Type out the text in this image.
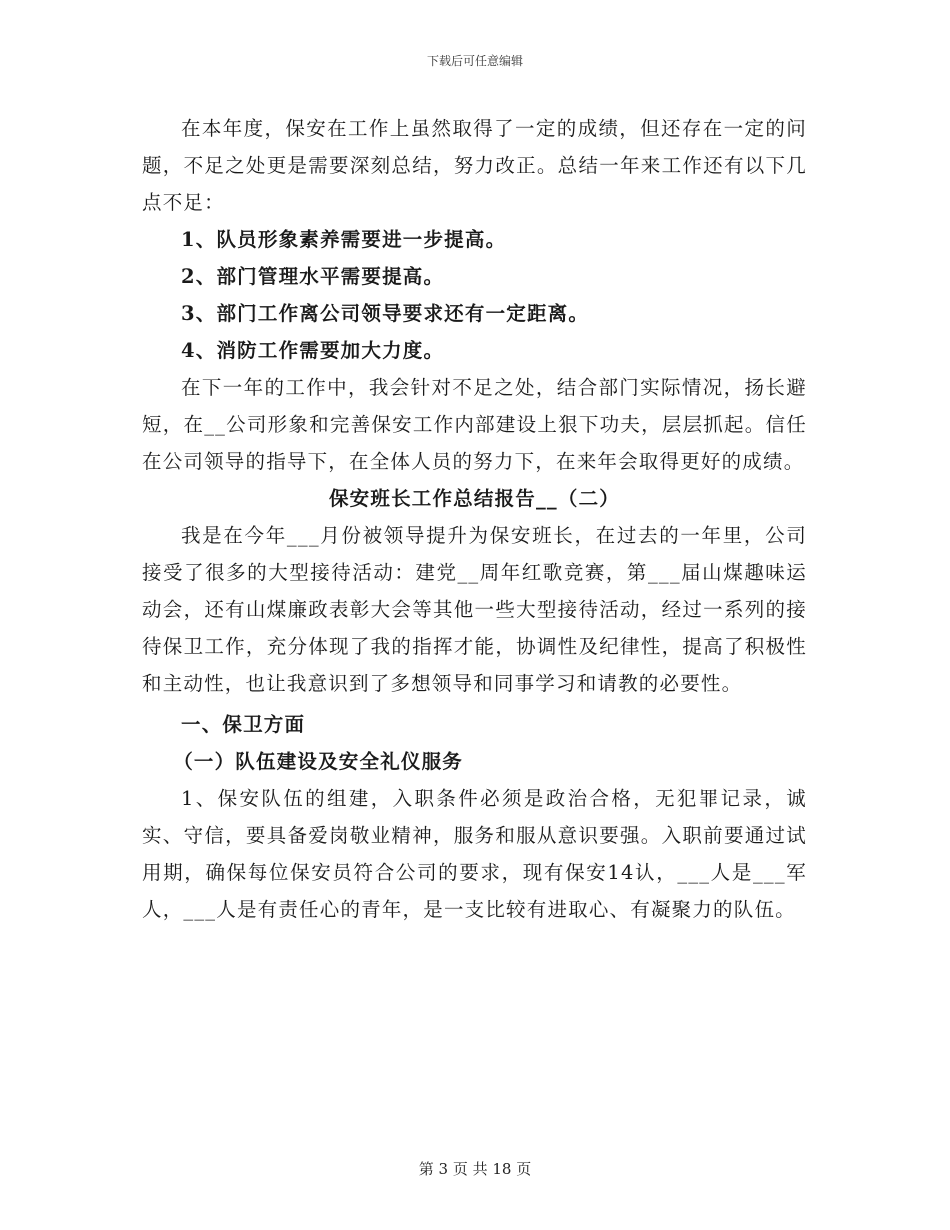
下载后可任意编辑

在本年度，保安在工作上虽然取得了一定的成绩，但还存在一定的问题，不足之处更是需要深刻总结，努力改正。总结一年来工作还有以下几点不足：

1、队员形象素养需要进一步提高。

2、部门管理水平需要提高。

3、部门工作离公司领导要求还有一定距离。

4、消防工作需要加大力度。

在下一年的工作中，我会针对不足之处，结合部门实际情况，扬长避短，在__公司形象和完善保安工作内部建设上狠下功夫，层层抓起。信任在公司领导的指导下，在全体人员的努力下，在来年会取得更好的成绩。

保安班长工作总结报告__（二）

我是在今年___月份被领导提升为保安班长，在过去的一年里，公司接受了很多的大型接待活动：建党__周年红歌竞赛，第___届山煤趣味运动会，还有山煤廉政表彰大会等其他一些大型接待活动，经过一系列的接待保卫工作，充分体现了我的指挥才能，协调性及纪律性，提高了积极性和主动性，也让我意识到了多想领导和同事学习和请教的必要性。

一、保卫方面

（一）队伍建设及安全礼仪服务

1、保安队伍的组建，入职条件必须是政治合格，无犯罪记录，诚实、守信，要具备爱岗敬业精神，服务和服从意识要强。入职前要通过试用期，确保每位保安员符合公司的要求，现有保安14认，___人是___军人，___人是有责任心的青年，是一支比较有进取心、有凝聚力的队伍。

第 3 页 共 18 页
